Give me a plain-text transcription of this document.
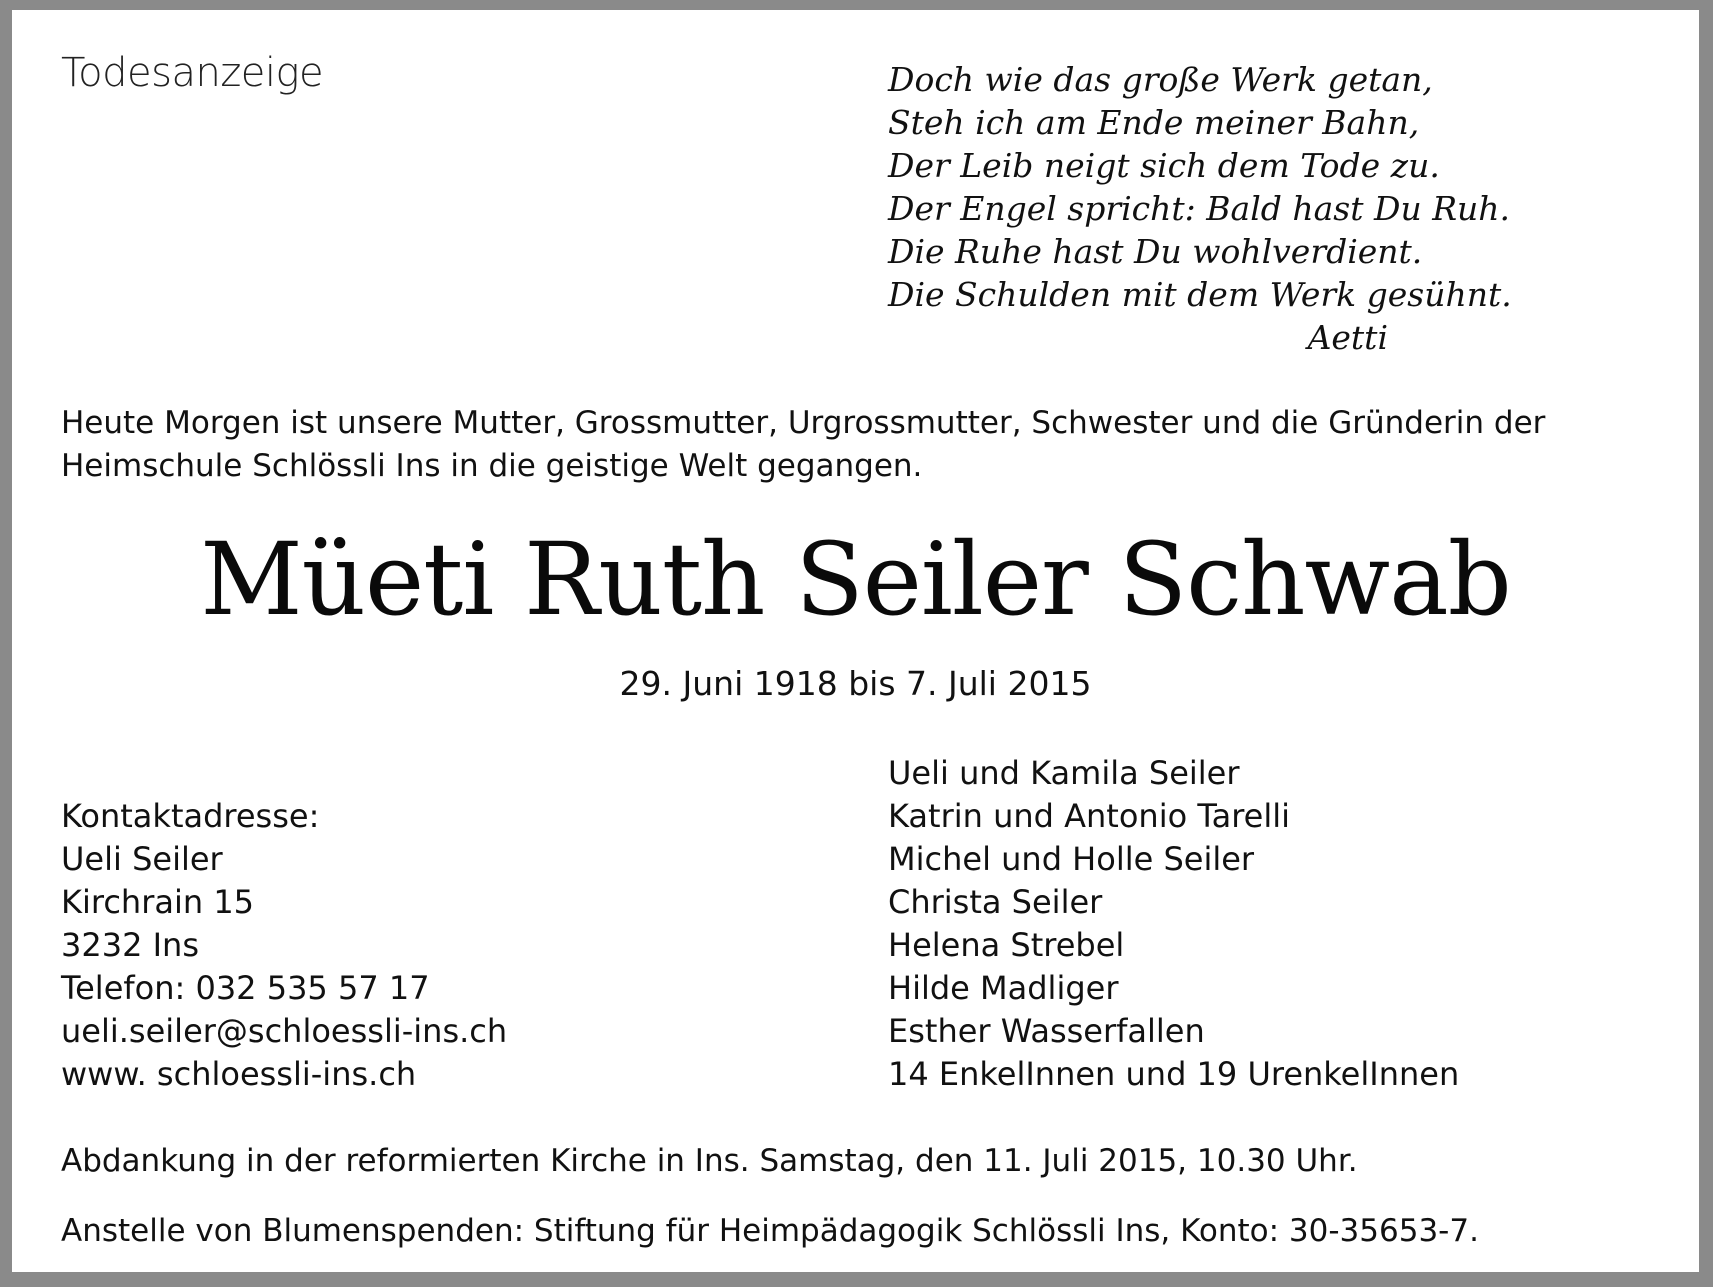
Todesanzeige	Doch wie das große Werk getan,
Steh ich am Ende meiner Bahn,
Der Leib neigt sich dem Tode zu.
Der Engel spricht: Bald hast Du Ruh.
Die Ruhe hast Du wohlverdient.
Die Schulden mit dem Werk gesühnt.
Aetti
Heute Morgen ist unsere Mutter, Grossmutter, Urgrossmutter, Schwester und die Gründerin der Heimschule Schlössli Ins in die geistige Welt gegangen.
Müeti Ruth Seiler Schwab
29. Juni 1918 bis 7. Juli 2015
Kontaktadresse:
Ueli Seiler
Kirchrain 15
3232 Ins
Telefon: 032 535 57 17
ueli.seiler@schloessli-ins.ch
www. schloessli-ins.ch
Ueli und Kamila Seiler
Katrin und Antonio Tarelli
Michel und Holle Seiler
Christa Seiler
Helena Strebel
Hilde Madliger
Esther Wasserfallen
14 EnkelInnen und 19 UrenkelInnen
Abdankung in der reformierten Kirche in Ins. Samstag, den 11. Juli 2015, 10.30 Uhr.
Anstelle von Blumenspenden: Stiftung für Heimpädagogik Schlössli Ins, Konto: 30-35653-7.
